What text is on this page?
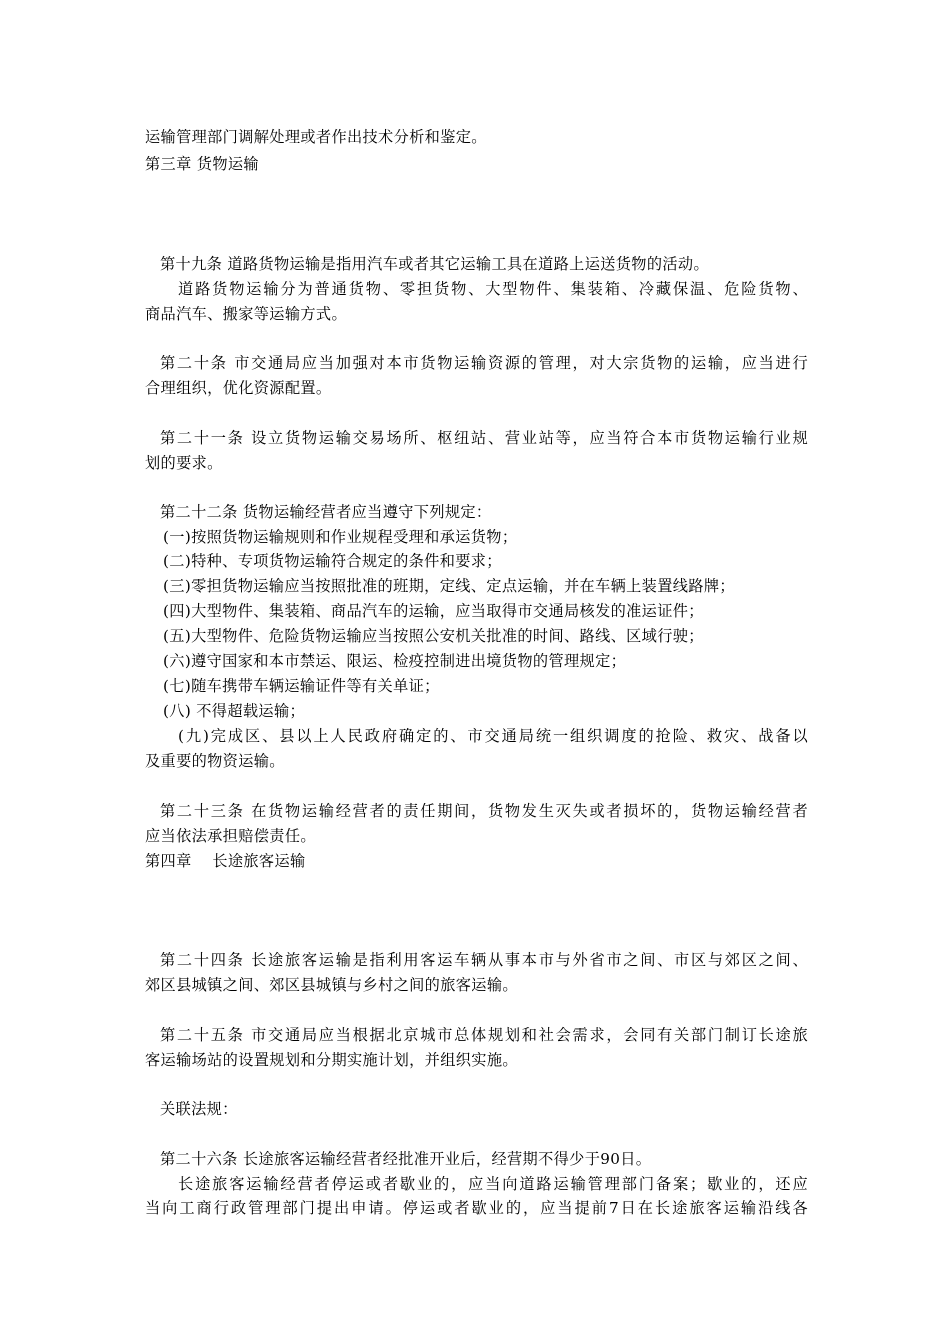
运输管理部门调解处理或者作出技术分析和鉴定。
第三章 货物运输
第十九条 道路货物运输是指用汽车或者其它运输工具在道路上运送货物的活动。
道路货物运输分为普通货物、零担货物、大型物件、集装箱、冷藏保温、危险货物、
商品汽车、搬家等运输方式。
第二十条 市交通局应当加强对本市货物运输资源的管理，对大宗货物的运输，应当进行
合理组织，优化资源配置。
第二十一条 设立货物运输交易场所、枢纽站、营业站等，应当符合本市货物运输行业规
划的要求。
第二十二条 货物运输经营者应当遵守下列规定：
(一)按照货物运输规则和作业规程受理和承运货物；
(二)特种、专项货物运输符合规定的条件和要求；
(三)零担货物运输应当按照批准的班期，定线、定点运输，并在车辆上装置线路牌；
(四)大型物件、集装箱、商品汽车的运输，应当取得市交通局核发的准运证件；
(五)大型物件、危险货物运输应当按照公安机关批准的时间、路线、区域行驶；
(六)遵守国家和本市禁运、限运、检疫控制进出境货物的管理规定；
(七)随车携带车辆运输证件等有关单证；
(八) 不得超载运输；
(九)完成区、县以上人民政府确定的、市交通局统一组织调度的抢险、救灾、战备以
及重要的物资运输。
第二十三条 在货物运输经营者的责任期间，货物发生灭失或者损坏的，货物运输经营者
应当依法承担赔偿责任。
第四章    长途旅客运输
第二十四条 长途旅客运输是指利用客运车辆从事本市与外省市之间、市区与郊区之间、
郊区县城镇之间、郊区县城镇与乡村之间的旅客运输。
第二十五条 市交通局应当根据北京城市总体规划和社会需求，会同有关部门制订长途旅
客运输场站的设置规划和分期实施计划，并组织实施。
关联法规：
第二十六条 长途旅客运输经营者经批准开业后，经营期不得少于90日。
长途旅客运输经营者停运或者歇业的，应当向道路运输管理部门备案；歇业的，还应
当向工商行政管理部门提出申请。停运或者歇业的，应当提前7日在长途旅客运输沿线各
